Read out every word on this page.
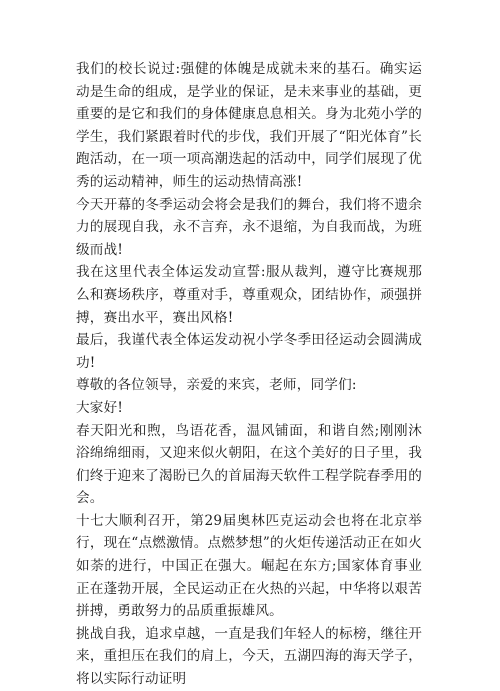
我们的校长说过:强健的体魄是成就未来的基石。确实运动是生命的组成，是学业的保证，是未来事业的基础，更重要的是它和我们的身体健康息息相关。身为北苑小学的学生，我们紧跟着时代的步伐，我们开展了“阳光体育”长跑活动，在一项一项高潮迭起的活动中，同学们展现了优秀的运动精神，师生的运动热情高涨!

今天开幕的冬季运动会将会是我们的舞台，我们将不遗余力的展现自我，永不言弃，永不退缩，为自我而战，为班级而战!

我在这里代表全体运发动宣誓:服从裁判，遵守比赛规那么和赛场秩序，尊重对手，尊重观众，团结协作，顽强拼搏，赛出水平，赛出风格!

最后，我谨代表全体运发动祝小学冬季田径运动会圆满成功!

尊敬的各位领导，亲爱的来宾，老师，同学们:

大家好!

春天阳光和煦，鸟语花香，温风铺面，和谐自然;刚刚沐浴绵绵细雨，又迎来似火朝阳，在这个美好的日子里，我们终于迎来了渴盼已久的首届海天软件工程学院春季用的会。

十七大顺利召开，第29届奥林匹克运动会也将在北京举行，现在“点燃激情。点燃梦想”的火炬传递活动正在如火如荼的进行，中国正在强大。崛起在东方;国家体育事业正在蓬勃开展，全民运动正在火热的兴起，中华将以艰苦拼搏，勇敢努力的品质重振雄风。

挑战自我，追求卓越，一直是我们年轻人的标榜，继往开来，重担压在我们的肩上，今天，五湖四海的海天学子，将以实际行动证明
